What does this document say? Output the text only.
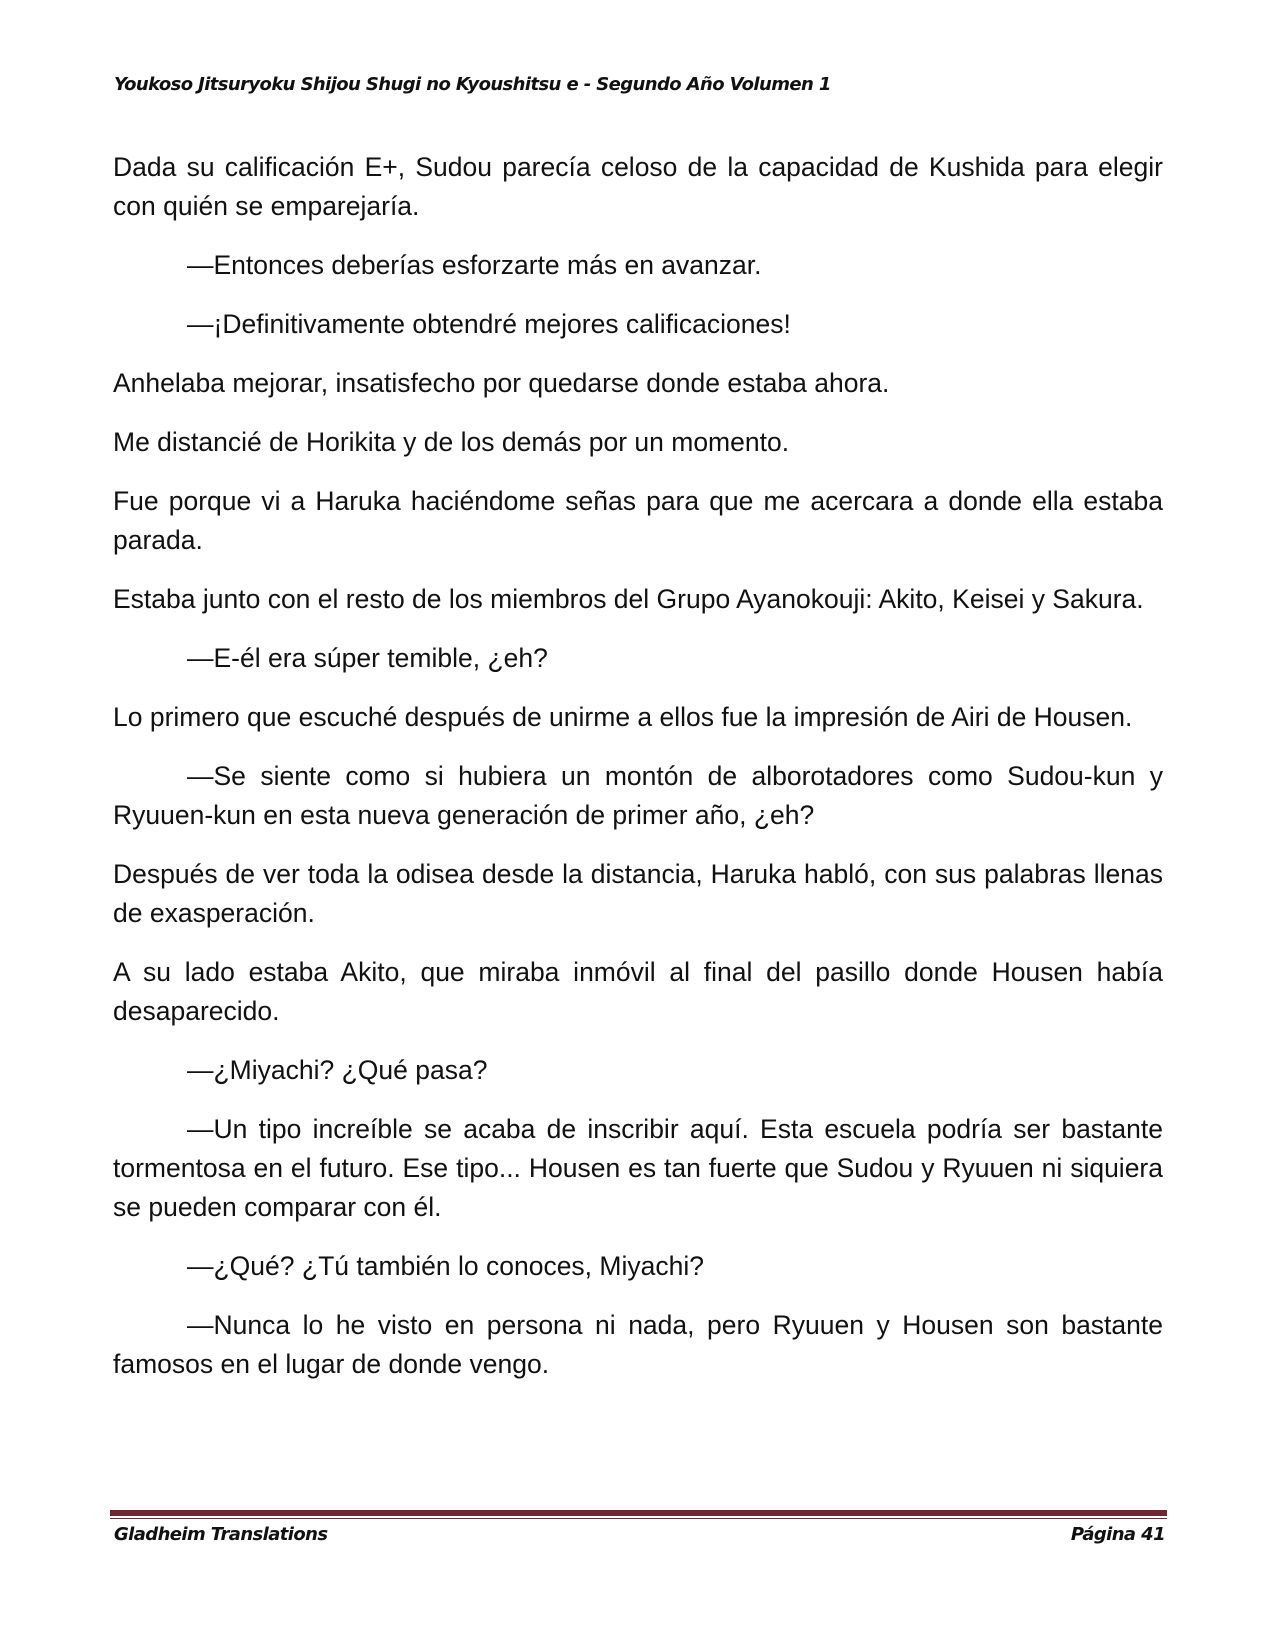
Youkoso Jitsuryoku Shijou Shugi no Kyoushitsu e - Segundo Año Volumen 1

Dada su calificación E+, Sudou parecía celoso de la capacidad de Kushida para elegir con quién se emparejaría.

—Entonces deberías esforzarte más en avanzar.

—¡Definitivamente obtendré mejores calificaciones!

Anhelaba mejorar, insatisfecho por quedarse donde estaba ahora.

Me distancié de Horikita y de los demás por un momento.

Fue porque vi a Haruka haciéndome señas para que me acercara a donde ella estaba parada.

Estaba junto con el resto de los miembros del Grupo Ayanokouji: Akito, Keisei y Sakura.

—E-él era súper temible, ¿eh?

Lo primero que escuché después de unirme a ellos fue la impresión de Airi de Housen.

—Se siente como si hubiera un montón de alborotadores como Sudou-kun y Ryuuen-kun en esta nueva generación de primer año, ¿eh?

Después de ver toda la odisea desde la distancia, Haruka habló, con sus palabras llenas de exasperación.

A su lado estaba Akito, que miraba inmóvil al final del pasillo donde Housen había desaparecido.

—¿Miyachi? ¿Qué pasa?

—Un tipo increíble se acaba de inscribir aquí. Esta escuela podría ser bastante tormentosa en el futuro. Ese tipo... Housen es tan fuerte que Sudou y Ryuuen ni siquiera se pueden comparar con él.

—¿Qué? ¿Tú también lo conoces, Miyachi?

—Nunca lo he visto en persona ni nada, pero Ryuuen y Housen son bastante famosos en el lugar de donde vengo.

Gladheim Translations	Página 41
